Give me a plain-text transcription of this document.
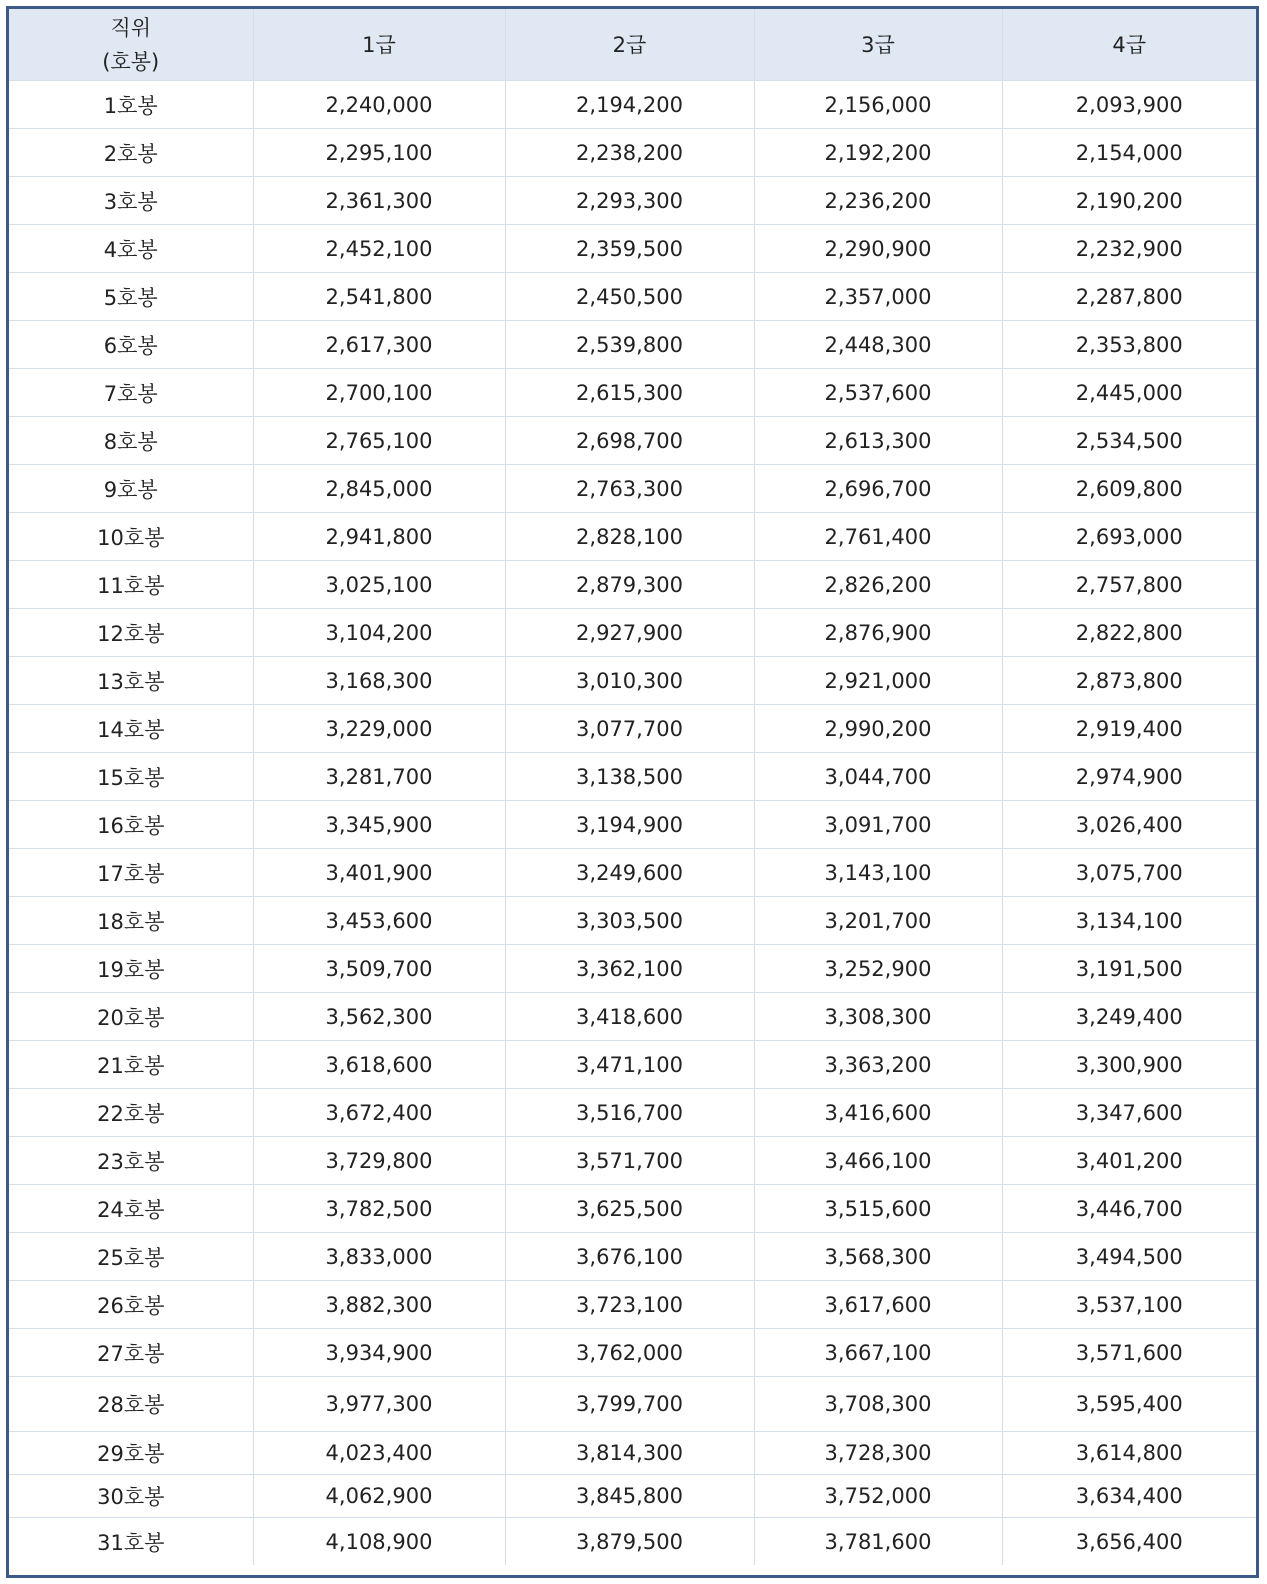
직위
(호봉)	1급	2급	3급	4급
1호봉	2,240,000	2,194,200	2,156,000	2,093,900
2호봉	2,295,100	2,238,200	2,192,200	2,154,000
3호봉	2,361,300	2,293,300	2,236,200	2,190,200
4호봉	2,452,100	2,359,500	2,290,900	2,232,900
5호봉	2,541,800	2,450,500	2,357,000	2,287,800
6호봉	2,617,300	2,539,800	2,448,300	2,353,800
7호봉	2,700,100	2,615,300	2,537,600	2,445,000
8호봉	2,765,100	2,698,700	2,613,300	2,534,500
9호봉	2,845,000	2,763,300	2,696,700	2,609,800
10호봉	2,941,800	2,828,100	2,761,400	2,693,000
11호봉	3,025,100	2,879,300	2,826,200	2,757,800
12호봉	3,104,200	2,927,900	2,876,900	2,822,800
13호봉	3,168,300	3,010,300	2,921,000	2,873,800
14호봉	3,229,000	3,077,700	2,990,200	2,919,400
15호봉	3,281,700	3,138,500	3,044,700	2,974,900
16호봉	3,345,900	3,194,900	3,091,700	3,026,400
17호봉	3,401,900	3,249,600	3,143,100	3,075,700
18호봉	3,453,600	3,303,500	3,201,700	3,134,100
19호봉	3,509,700	3,362,100	3,252,900	3,191,500
20호봉	3,562,300	3,418,600	3,308,300	3,249,400
21호봉	3,618,600	3,471,100	3,363,200	3,300,900
22호봉	3,672,400	3,516,700	3,416,600	3,347,600
23호봉	3,729,800	3,571,700	3,466,100	3,401,200
24호봉	3,782,500	3,625,500	3,515,600	3,446,700
25호봉	3,833,000	3,676,100	3,568,300	3,494,500
26호봉	3,882,300	3,723,100	3,617,600	3,537,100
27호봉	3,934,900	3,762,000	3,667,100	3,571,600
28호봉	3,977,300	3,799,700	3,708,300	3,595,400
29호봉	4,023,400	3,814,300	3,728,300	3,614,800
30호봉	4,062,900	3,845,800	3,752,000	3,634,400
31호봉	4,108,900	3,879,500	3,781,600	3,656,400
